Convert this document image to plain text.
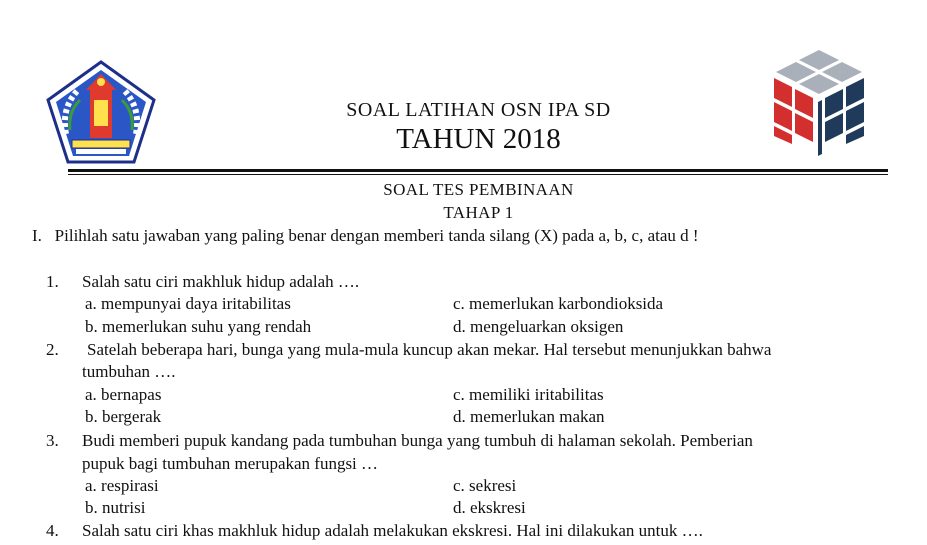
SOAL LATIHAN OSN IPA SD
TAHUN 2018
SOAL TES PEMBINAAN
TAHAP 1
I. Pilihlah satu jawaban yang paling benar dengan memberi tanda silang (X) pada a, b, c, atau d !
1. Salah satu ciri makhluk hidup adalah ….
a. mempunyai daya iritabilitas
b. memerlukan suhu yang rendah
c. memerlukan karbondioksida
d. mengeluarkan oksigen
2. Satelah beberapa hari, bunga yang mula-mula kuncup akan mekar. Hal tersebut menunjukkan bahwa
tumbuhan ….
a. bernapas
b. bergerak
c. memiliki iritabilitas
d. memerlukan makan
3. Budi memberi pupuk kandang pada tumbuhan bunga yang tumbuh di halaman sekolah. Pemberian
pupuk bagi tumbuhan merupakan fungsi …
a. respirasi
b. nutrisi
c. sekresi
d. ekskresi
4. Salah satu ciri khas makhluk hidup adalah melakukan ekskresi. Hal ini dilakukan untuk ….
